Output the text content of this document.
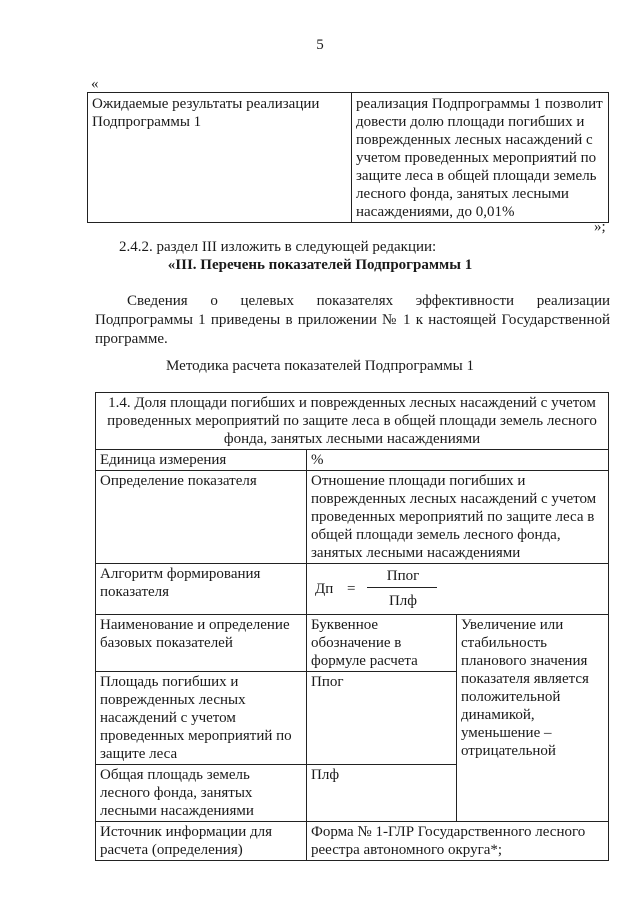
5
«
Ожидаемые результаты реализации Подпрограммы 1	реализация Подпрограммы 1 позволит довести долю площади погибших и поврежденных лесных насаждений с учетом проведенных мероприятий по защите леса в общей площади земель лесного фонда, занятых лесными насаждениями, до 0,01%
»;
2.4.2. раздел III изложить в следующей редакции:
«III. Перечень показателей Подпрограммы 1
Сведения о целевых показателях эффективности реализации Подпрограммы 1 приведены в приложении № 1 к настоящей Государственной программе.
Методика расчета показателей Подпрограммы 1
1.4. Доля площади погибших и поврежденных лесных насаждений с учетом проведенных мероприятий по защите леса в общей площади земель лесного фонда, занятых лесными насаждениями		
Единица измерения	%	
Определение показателя	Отношение площади погибших и поврежденных лесных насаждений с учетом проведенных мероприятий по защите леса в общей площади земель лесного фонда, занятых лесными насаждениями	
Алгоритм формирования показателя	Дп =
Ппог
Плф	

Наименование и определение базовых показателей	Буквенное обозначение в формуле расчета	Увеличение или стабильность планового значения показателя является положительной динамикой, уменьшение – отрицательной
Площадь погибших и поврежденных лесных насаждений с учетом проведенных мероприятий по защите леса	Ппог	
Общая площадь земель лесного фонда, занятых лесными насаждениями	Плф	
Источник информации для расчета (определения)	Форма № 1-ГЛР Государственного лесного реестра автономного округа*;	
